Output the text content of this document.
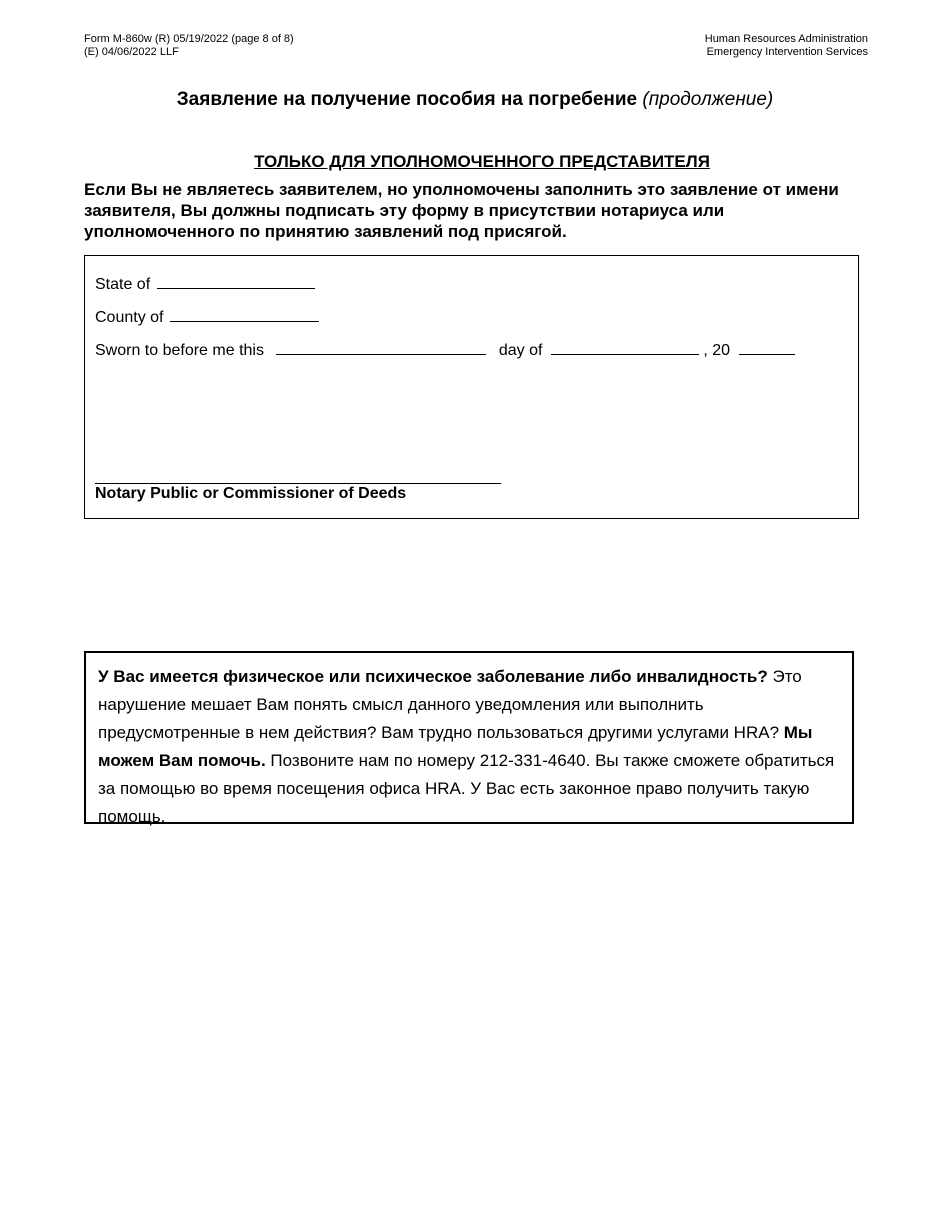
Form M-860w (R) 05/19/2022 (page 8 of 8)
(E) 04/06/2022 LLF
Human Resources Administration
Emergency Intervention Services
Заявление на получение пособия на погребение (продолжение)
ТОЛЬКО ДЛЯ УПОЛНОМОЧЕННОГО ПРЕДСТАВИТЕЛЯ
Если Вы не являетесь заявителем, но уполномочены заполнить это заявление от имени заявителя, Вы должны подписать эту форму в присутствии нотариуса или уполномоченного по принятию заявлений под присягой.
State of
County of
Sworn to before me this	day of	, 20
Notary Public or Commissioner of Deeds

У Вас имеется физическое или психическое заболевание либо инвалидность? Это нарушение мешает Вам понять смысл данного уведомления или выполнить предусмотренные в нем действия? Вам трудно пользоваться другими услугами HRA? Мы можем Вам помочь. Позвоните нам по номеру 212-331-4640. Вы также сможете обратиться за помощью во время посещения офиса HRA. У Вас есть законное право получить такую помощь.
